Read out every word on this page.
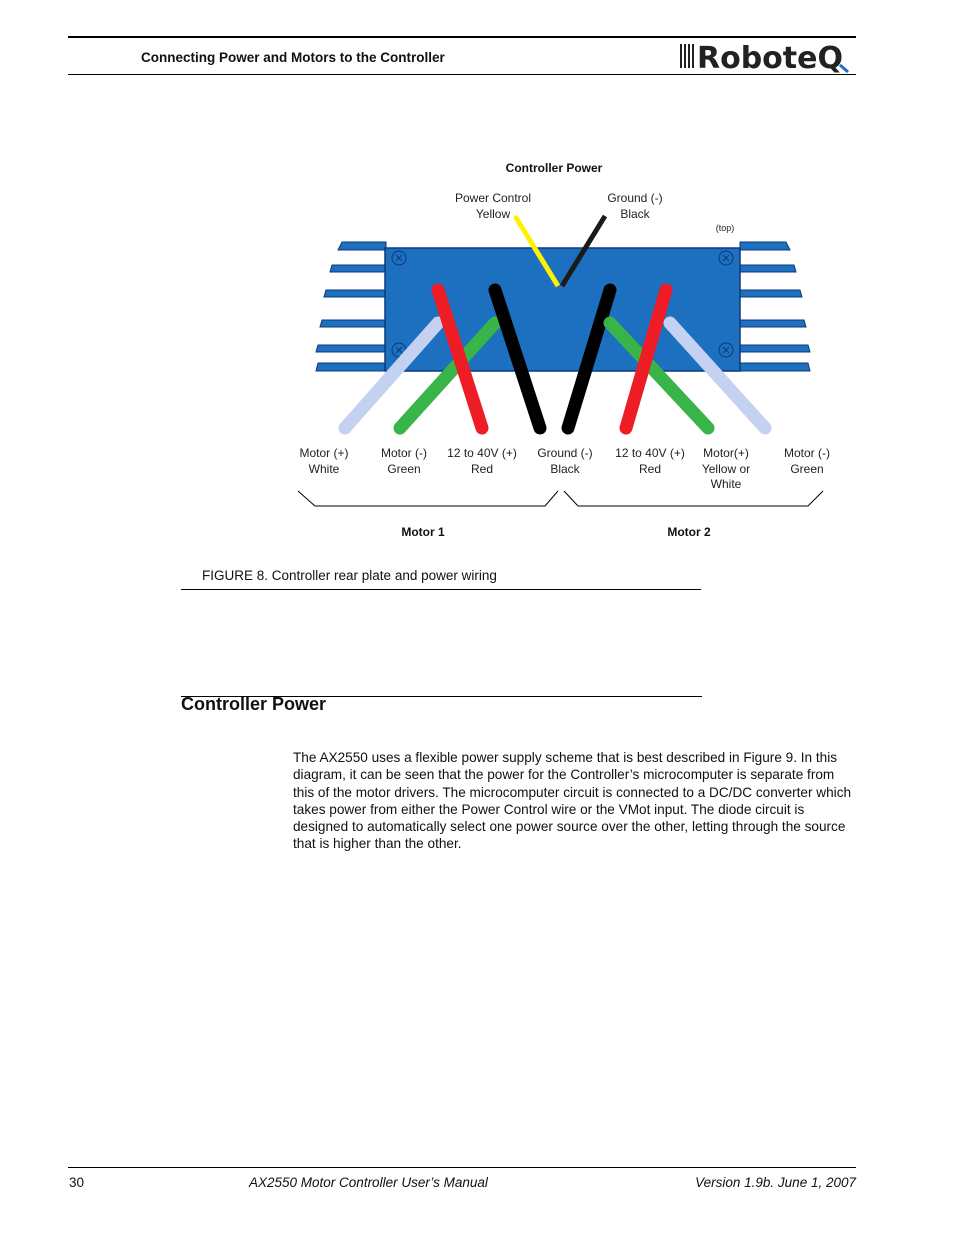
Connecting Power and Motors to the Controller	RoboteQ
Controller Power
Power Control
Yellow
Ground (-)
Black
(top)
Motor (+)
White
Motor (-)
Green
12 to 40V (+)
Red
Ground (-)
Black
12 to 40V (+)
Red
Motor(+)
Yellow or
White
Motor (-)
Green
Motor 1	Motor 2
FIGURE 8. Controller rear plate and power wiring
Controller Power

The AX2550 uses a flexible power supply scheme that is best described in Figure 9. In this diagram, it can be seen that the power for the Controller’s microcomputer is separate from this of the motor drivers. The microcomputer circuit is connected to a DC/DC converter which takes power from either the Power Control wire or the VMot input. The diode circuit is designed to automatically select one power source over the other, letting through the source that is higher than the other.

30	AX2550 Motor Controller User’s Manual	Version 1.9b. June 1, 2007
